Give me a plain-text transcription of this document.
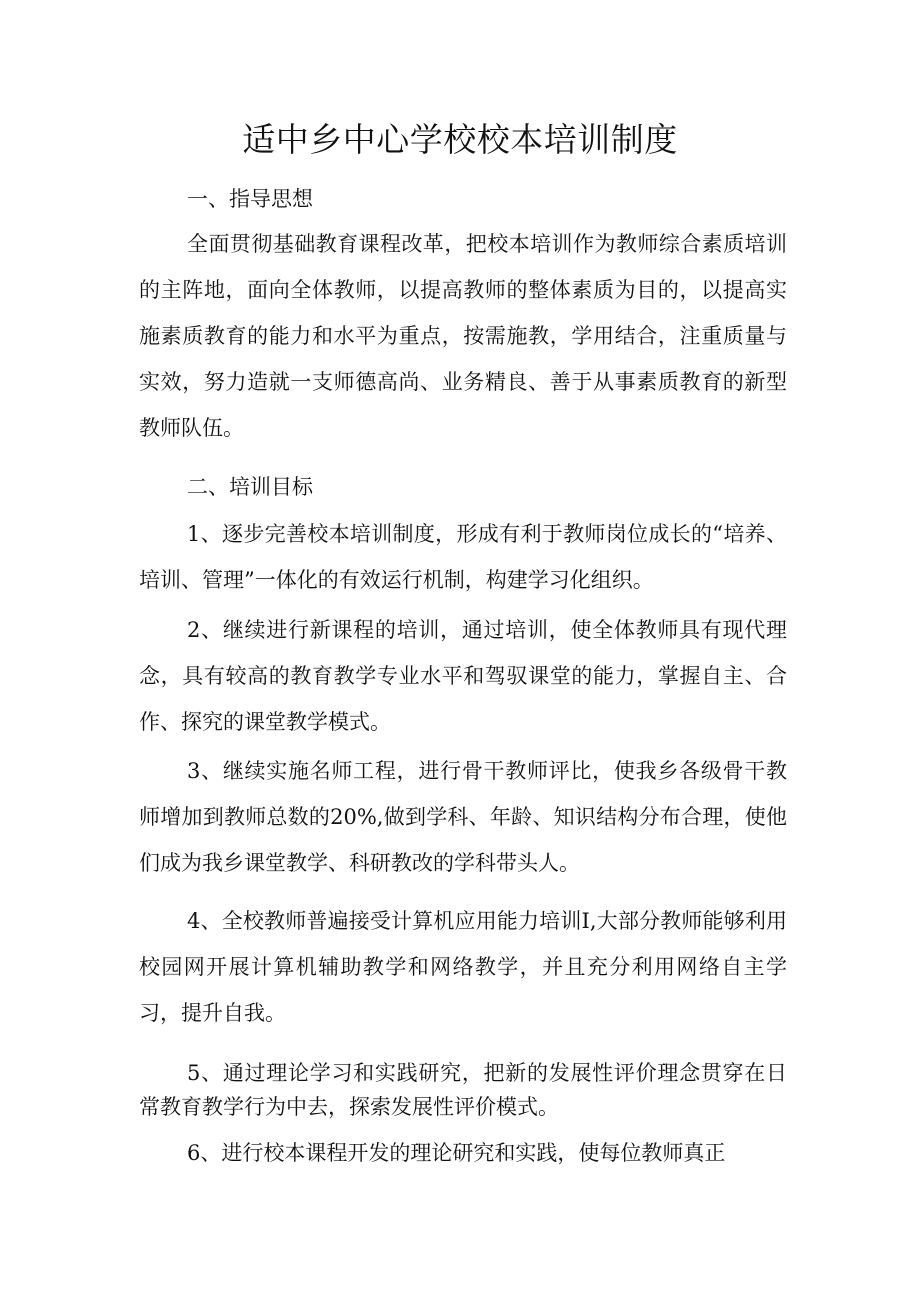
适中乡中心学校校本培训制度

一、指导思想

全面贯彻基础教育课程改革，把校本培训作为教师综合素质培训的主阵地，面向全体教师，以提高教师的整体素质为目的，以提高实施素质教育的能力和水平为重点，按需施教，学用结合，注重质量与实效，努力造就一支师德高尚、业务精良、善于从事素质教育的新型教师队伍。

二、培训目标

1、逐步完善校本培训制度，形成有利于教师岗位成长的“培养、培训、管理”一体化的有效运行机制，构建学习化组织。

2、继续进行新课程的培训，通过培训，使全体教师具有现代理念，具有较高的教育教学专业水平和驾驭课堂的能力，掌握自主、合作、探究的课堂教学模式。

3、继续实施名师工程，进行骨干教师评比，使我乡各级骨干教师增加到教师总数的20%,做到学科、年龄、知识结构分布合理，使他们成为我乡课堂教学、科研教改的学科带头人。

4、全校教师普遍接受计算机应用能力培训I,大部分教师能够利用校园网开展计算机辅助教学和网络教学，并且充分利用网络自主学习，提升自我。

5、通过理论学习和实践研究，把新的发展性评价理念贯穿在日常教育教学行为中去，探索发展性评价模式。

6、进行校本课程开发的理论研究和实践，使每位教师真正
